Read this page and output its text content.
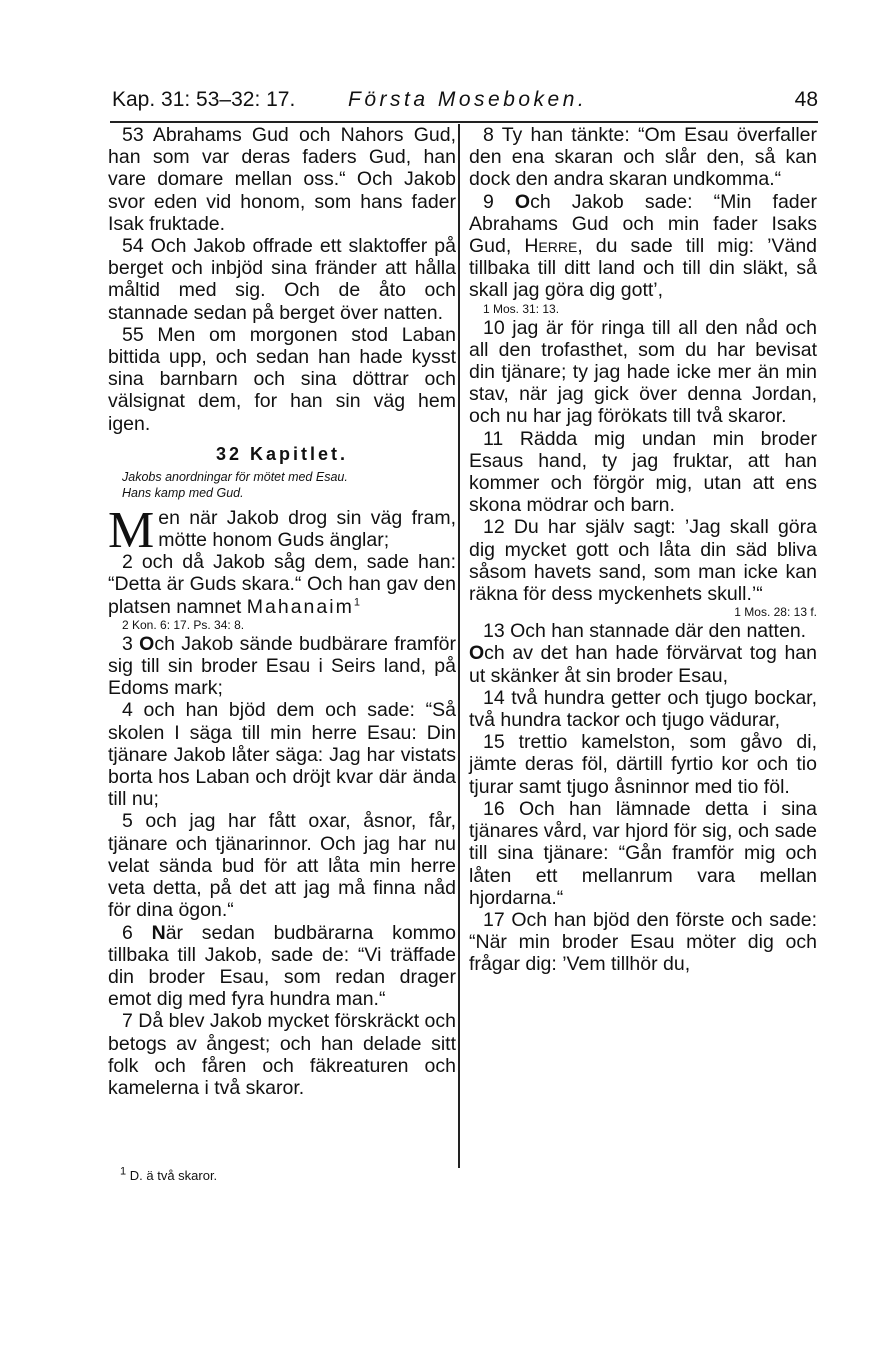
Kap. 31: 53–32: 17.	Första Moseboken.	48

53 Abrahams Gud och Nahors Gud, han som var deras faders Gud, han vare domare mellan oss.“ Och Jakob svor eden vid honom, som hans fader Isak fruktade.

54 Och Jakob offrade ett slaktoffer på berget och inbjöd sina fränder att hålla måltid med sig. Och de åto och stannade sedan på berget över natten.

55 Men om morgonen stod Laban bittida upp, och sedan han hade kysst sina barnbarn och sina döttrar och välsignat dem, for han sin väg hem igen.

32 Kapitlet.

Jakobs anordningar för mötet med Esau.

Hans kamp med Gud.

Men när Jakob drog sin väg fram, mötte honom Guds änglar;

2 och då Jakob såg dem, sade han: “Detta är Guds skara.“ Och han gav den platsen namnet Mahanaim$^1$

2 Kon. 6: 17. Ps. 34: 8.

3 Och Jakob sände budbärare framför sig till sin broder Esau i Seirs land, på Edoms mark;

4 och han bjöd dem och sade: “Så skolen I säga till min herre Esau: Din tjänare Jakob låter säga: Jag har vistats borta hos Laban och dröjt kvar där ända till nu;

5 och jag har fått oxar, åsnor, får, tjänare och tjänarinnor. Och jag har nu velat sända bud för att låta min herre veta detta, på det att jag må finna nåd för dina ögon.“

6 När sedan budbärarna kommo tillbaka till Jakob, sade de: “Vi träffade din broder Esau, som redan drager emot dig med fyra hundra man.“

7 Då blev Jakob mycket förskräckt och betogs av ångest; och han delade sitt folk och fåren och fäkreaturen och kamelerna i två skaror.

8 Ty han tänkte: “Om Esau överfaller den ena skaran och slår den, så kan dock den andra skaran undkomma.“

9 Och Jakob sade: “Min fader Abrahams Gud och min fader Isaks Gud, Herre, du sade till mig: ’Vänd tillbaka till ditt land och till din släkt, så skall jag göra dig gott’,

1 Mos. 31: 13.

10 jag är för ringa till all den nåd och all den trofasthet, som du har bevisat din tjänare; ty jag hade icke mer än min stav, när jag gick över denna Jordan, och nu har jag förökats till två skaror.

11 Rädda mig undan min broder Esaus hand, ty jag fruktar, att han kommer och förgör mig, utan att ens skona mödrar och barn.

12 Du har själv sagt: ’Jag skall göra dig mycket gott och låta din säd bliva såsom havets sand, som man icke kan räkna för dess myckenhets skull.’“

1 Mos. 28: 13 f.

13 Och han stannade där den natten.

Och av det han hade förvärvat tog han ut skänker åt sin broder Esau,

14 två hundra getter och tjugo bockar, två hundra tackor och tjugo vädurar,

15 trettio kamelston, som gåvo di, jämte deras föl, därtill fyrtio kor och tio tjurar samt tjugo åsninnor med tio föl.

16 Och han lämnade detta i sina tjänares vård, var hjord för sig, och sade till sina tjänare: “Gån framför mig och låten ett mellanrum vara mellan hjordarna.“

17 Och han bjöd den förste och sade: “När min broder Esau möter dig och frågar dig: ’Vem tillhör du,

$^1$ D. ä två skaror.
